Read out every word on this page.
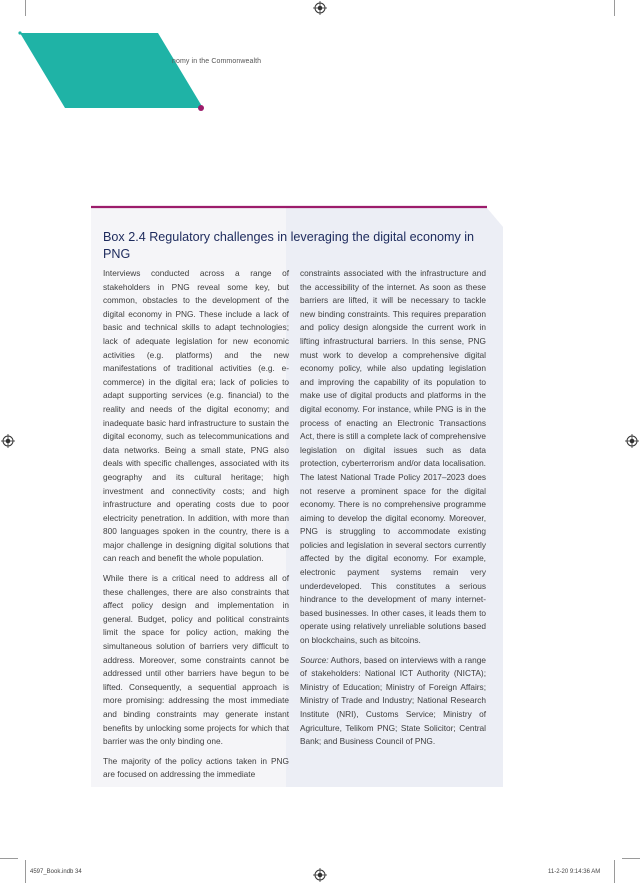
nomy in the Commonwealth
Box 2.4 Regulatory challenges in leveraging the digital economy in PNG

Interviews conducted across a range of stakeholders in PNG reveal some key, but common, obstacles to the development of the digital economy in PNG. These include a lack of basic and technical skills to adapt technologies; lack of adequate legislation for new economic activities (e.g. platforms) and the new manifestations of traditional activities (e.g. e-commerce) in the digital era; lack of policies to adapt supporting services (e.g. financial) to the reality and needs of the digital economy; and inadequate basic hard infrastructure to sustain the digital economy, such as telecommunications and data networks. Being a small state, PNG also deals with specific challenges, associated with its geography and its cultural heritage; high investment and connectivity costs; and high infrastructure and operating costs due to poor electricity penetration. In addition, with more than 800 languages spoken in the country, there is a major challenge in designing digital solutions that can reach and benefit the whole population.

While there is a critical need to address all of these challenges, there are also constraints that affect policy design and implementation in general. Budget, policy and political constraints limit the space for policy action, making the simultaneous solution of barriers very difficult to address. Moreover, some constraints cannot be addressed until other barriers have begun to be lifted. Consequently, a sequential approach is more promising: addressing the most immediate and binding constraints may generate instant benefits by unlocking some projects for which that barrier was the only binding one.

The majority of the policy actions taken in PNG are focused on addressing the immediate

constraints associated with the infrastructure and the accessibility of the internet. As soon as these barriers are lifted, it will be necessary to tackle new binding constraints. This requires preparation and policy design alongside the current work in lifting infrastructural barriers. In this sense, PNG must work to develop a comprehensive digital economy policy, while also updating legislation and improving the capability of its population to make use of digital products and platforms in the digital economy. For instance, while PNG is in the process of enacting an Electronic Transactions Act, there is still a complete lack of comprehensive legislation on digital issues such as data protection, cyberterrorism and/or data localisation. The latest National Trade Policy 2017–2023 does not reserve a prominent space for the digital economy. There is no comprehensive programme aiming to develop the digital economy. Moreover, PNG is struggling to accommodate existing policies and legislation in several sectors currently affected by the digital economy. For example, electronic payment systems remain very underdeveloped. This constitutes a serious hindrance to the development of many internet-based businesses. In other cases, it leads them to operate using relatively unreliable solutions based on blockchains, such as bitcoins.

Source: Authors, based on interviews with a range of stakeholders: National ICT Authority (NICTA); Ministry of Education; Ministry of Foreign Affairs; Ministry of Trade and Industry; National Research Institute (NRI), Customs Service; Ministry of Agriculture, Telikom PNG; State Solicitor; Central Bank; and Business Council of PNG.

4597_Book.indb 34	11-2-20 9:14:36 AM
